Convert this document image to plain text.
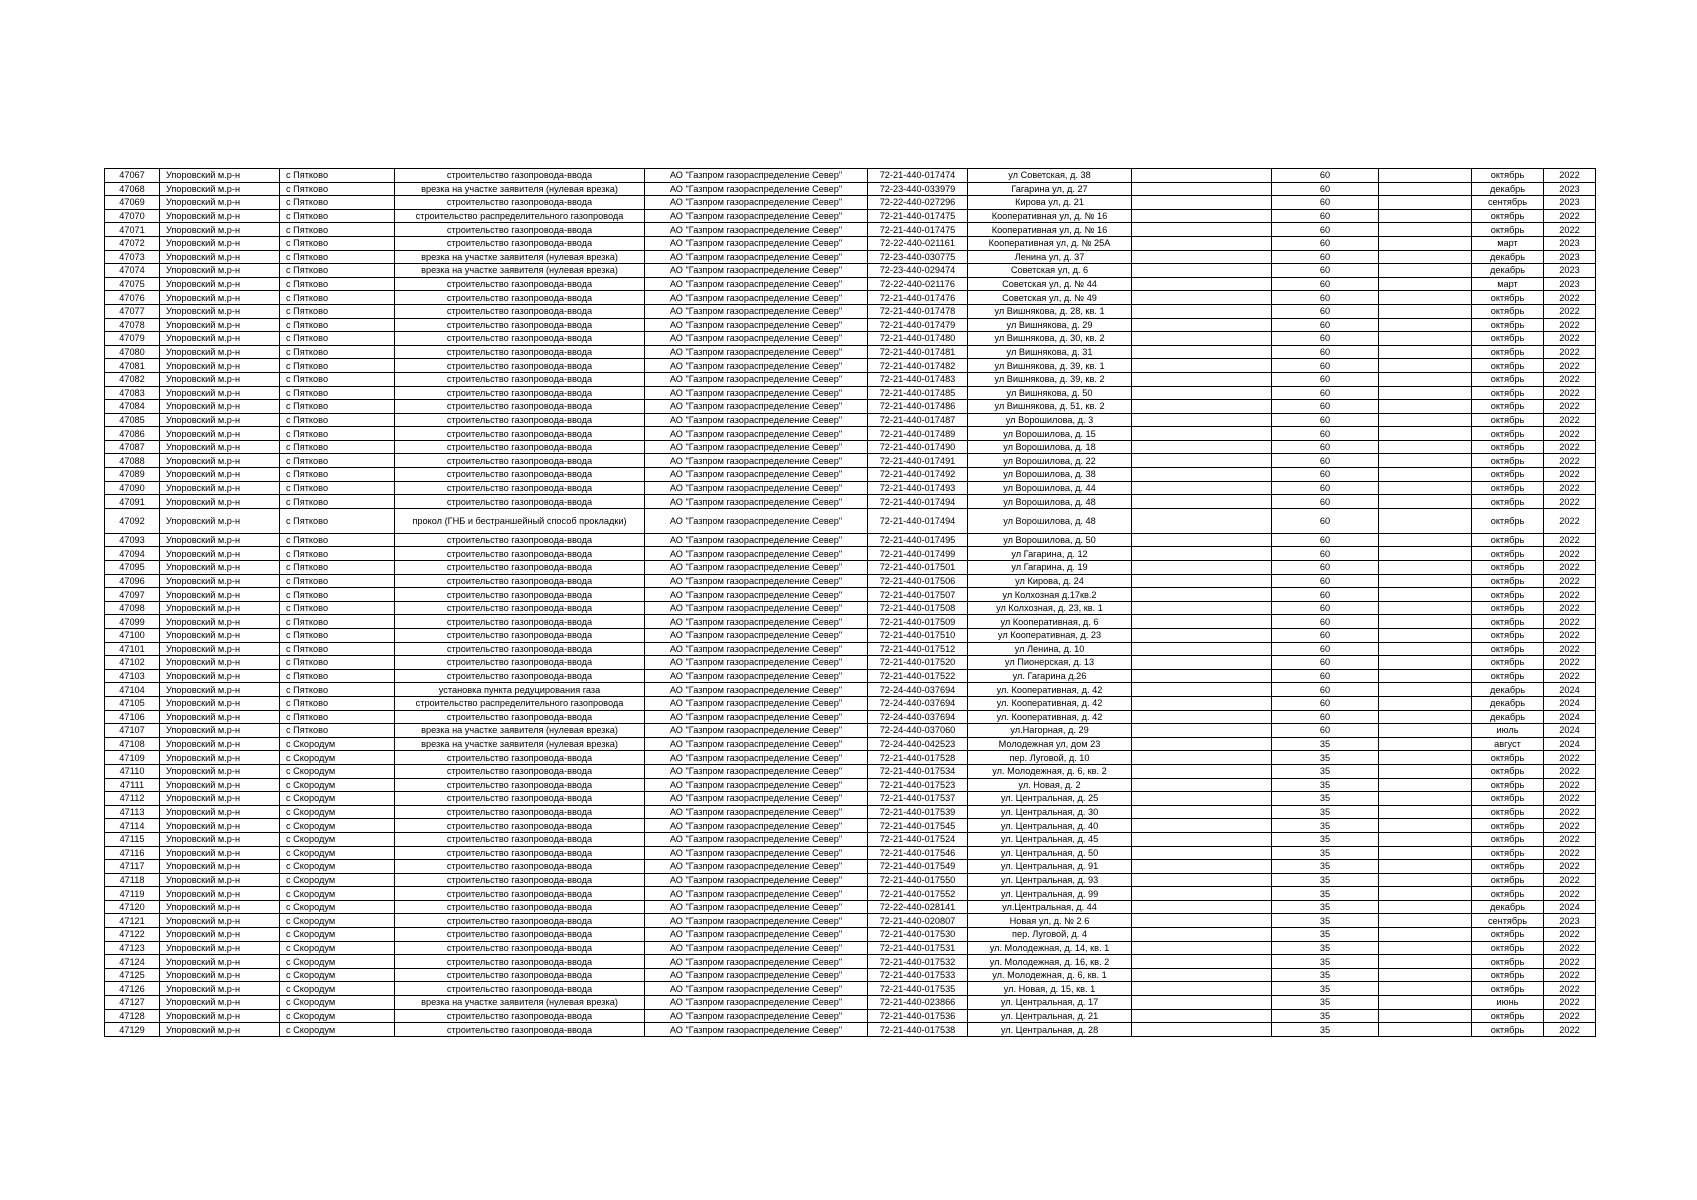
47067	Упоровский м.р-н	с Пятково	строительство газопровода-ввода	АО "Газпром газораспределение Север"	72-21-440-017474	ул Советская, д. 38		60		октябрь	2022
47068	Упоровский м.р-н	с Пятково	врезка на участке заявителя (нулевая врезка)	АО "Газпром газораспределение Север"	72-23-440-033979	Гагарина ул, д. 27		60		декабрь	2023
47069	Упоровский м.р-н	с Пятково	строительство газопровода-ввода	АО "Газпром газораспределение Север"	72-22-440-027296	Кирова ул, д. 21		60		сентябрь	2023
47070	Упоровский м.р-н	с Пятково	строительство распределительного газопровода	АО "Газпром газораспределение Север"	72-21-440-017475	Кооперативная ул, д. № 16		60		октябрь	2022
47071	Упоровский м.р-н	с Пятково	строительство газопровода-ввода	АО "Газпром газораспределение Север"	72-21-440-017475	Кооперативная ул, д. № 16		60		октябрь	2022
47072	Упоровский м.р-н	с Пятково	строительство газопровода-ввода	АО "Газпром газораспределение Север"	72-22-440-021161	Кооперативная ул, д. № 25А		60		март	2023
47073	Упоровский м.р-н	с Пятково	врезка на участке заявителя (нулевая врезка)	АО "Газпром газораспределение Север"	72-23-440-030775	Ленина ул, д. 37		60		декабрь	2023
47074	Упоровский м.р-н	с Пятково	врезка на участке заявителя (нулевая врезка)	АО "Газпром газораспределение Север"	72-23-440-029474	Советская ул, д. 6		60		декабрь	2023
47075	Упоровский м.р-н	с Пятково	строительство газопровода-ввода	АО "Газпром газораспределение Север"	72-22-440-021176	Советская ул, д. № 44		60		март	2023
47076	Упоровский м.р-н	с Пятково	строительство газопровода-ввода	АО "Газпром газораспределение Север"	72-21-440-017476	Советская ул, д. № 49		60		октябрь	2022
47077	Упоровский м.р-н	с Пятково	строительство газопровода-ввода	АО "Газпром газораспределение Север"	72-21-440-017478	ул Вишнякова, д. 28, кв. 1		60		октябрь	2022
47078	Упоровский м.р-н	с Пятково	строительство газопровода-ввода	АО "Газпром газораспределение Север"	72-21-440-017479	ул Вишнякова, д. 29		60		октябрь	2022
47079	Упоровский м.р-н	с Пятково	строительство газопровода-ввода	АО "Газпром газораспределение Север"	72-21-440-017480	ул Вишнякова, д. 30, кв. 2		60		октябрь	2022
47080	Упоровский м.р-н	с Пятково	строительство газопровода-ввода	АО "Газпром газораспределение Север"	72-21-440-017481	ул Вишнякова, д. 31		60		октябрь	2022
47081	Упоровский м.р-н	с Пятково	строительство газопровода-ввода	АО "Газпром газораспределение Север"	72-21-440-017482	ул Вишнякова, д. 39, кв. 1		60		октябрь	2022
47082	Упоровский м.р-н	с Пятково	строительство газопровода-ввода	АО "Газпром газораспределение Север"	72-21-440-017483	ул Вишнякова, д. 39, кв. 2		60		октябрь	2022
47083	Упоровский м.р-н	с Пятково	строительство газопровода-ввода	АО "Газпром газораспределение Север"	72-21-440-017485	ул Вишнякова, д. 50		60		октябрь	2022
47084	Упоровский м.р-н	с Пятково	строительство газопровода-ввода	АО "Газпром газораспределение Север"	72-21-440-017486	ул Вишнякова, д. 51, кв. 2		60		октябрь	2022
47085	Упоровский м.р-н	с Пятково	строительство газопровода-ввода	АО "Газпром газораспределение Север"	72-21-440-017487	ул Ворошилова, д. 3		60		октябрь	2022
47086	Упоровский м.р-н	с Пятково	строительство газопровода-ввода	АО "Газпром газораспределение Север"	72-21-440-017489	ул Ворошилова, д. 15		60		октябрь	2022
47087	Упоровский м.р-н	с Пятково	строительство газопровода-ввода	АО "Газпром газораспределение Север"	72-21-440-017490	ул Ворошилова, д. 18		60		октябрь	2022
47088	Упоровский м.р-н	с Пятково	строительство газопровода-ввода	АО "Газпром газораспределение Север"	72-21-440-017491	ул Ворошилова, д. 22		60		октябрь	2022
47089	Упоровский м.р-н	с Пятково	строительство газопровода-ввода	АО "Газпром газораспределение Север"	72-21-440-017492	ул Ворошилова, д. 38		60		октябрь	2022
47090	Упоровский м.р-н	с Пятково	строительство газопровода-ввода	АО "Газпром газораспределение Север"	72-21-440-017493	ул Ворошилова, д. 44		60		октябрь	2022
47091	Упоровский м.р-н	с Пятково	строительство газопровода-ввода	АО "Газпром газораспределение Север"	72-21-440-017494	ул Ворошилова, д. 48		60		октябрь	2022
47092	Упоровский м.р-н	с Пятково	прокол (ГНБ и бестраншейный способ прокладки)	АО "Газпром газораспределение Север"	72-21-440-017494	ул Ворошилова, д. 48		60		октябрь	2022
47093	Упоровский м.р-н	с Пятково	строительство газопровода-ввода	АО "Газпром газораспределение Север"	72-21-440-017495	ул Ворошилова, д. 50		60		октябрь	2022
47094	Упоровский м.р-н	с Пятково	строительство газопровода-ввода	АО "Газпром газораспределение Север"	72-21-440-017499	ул Гагарина, д. 12		60		октябрь	2022
47095	Упоровский м.р-н	с Пятково	строительство газопровода-ввода	АО "Газпром газораспределение Север"	72-21-440-017501	ул Гагарина, д. 19		60		октябрь	2022
47096	Упоровский м.р-н	с Пятково	строительство газопровода-ввода	АО "Газпром газораспределение Север"	72-21-440-017506	ул Кирова, д. 24		60		октябрь	2022
47097	Упоровский м.р-н	с Пятково	строительство газопровода-ввода	АО "Газпром газораспределение Север"	72-21-440-017507	ул Колхозная д.17кв.2		60		октябрь	2022
47098	Упоровский м.р-н	с Пятково	строительство газопровода-ввода	АО "Газпром газораспределение Север"	72-21-440-017508	ул Колхозная, д. 23, кв. 1		60		октябрь	2022
47099	Упоровский м.р-н	с Пятково	строительство газопровода-ввода	АО "Газпром газораспределение Север"	72-21-440-017509	ул Кооперативная, д. 6		60		октябрь	2022
47100	Упоровский м.р-н	с Пятково	строительство газопровода-ввода	АО "Газпром газораспределение Север"	72-21-440-017510	ул Кооперативная, д. 23		60		октябрь	2022
47101	Упоровский м.р-н	с Пятково	строительство газопровода-ввода	АО "Газпром газораспределение Север"	72-21-440-017512	ул Ленина, д. 10		60		октябрь	2022
47102	Упоровский м.р-н	с Пятково	строительство газопровода-ввода	АО "Газпром газораспределение Север"	72-21-440-017520	ул Пионерская, д. 13		60		октябрь	2022
47103	Упоровский м.р-н	с Пятково	строительство газопровода-ввода	АО "Газпром газораспределение Север"	72-21-440-017522	ул. Гагарина д.26		60		октябрь	2022
47104	Упоровский м.р-н	с Пятково	установка пункта редуцирования газа	АО "Газпром газораспределение Север"	72-24-440-037694	ул. Кооперативная, д. 42		60		декабрь	2024
47105	Упоровский м.р-н	с Пятково	строительство распределительного газопровода	АО "Газпром газораспределение Север"	72-24-440-037694	ул. Кооперативная, д. 42		60		декабрь	2024
47106	Упоровский м.р-н	с Пятково	строительство газопровода-ввода	АО "Газпром газораспределение Север"	72-24-440-037694	ул. Кооперативная, д. 42		60		декабрь	2024
47107	Упоровский м.р-н	с Пятково	врезка на участке заявителя (нулевая врезка)	АО "Газпром газораспределение Север"	72-24-440-037060	ул.Нагорная, д. 29		60		июль	2024
47108	Упоровский м.р-н	с Скородум	врезка на участке заявителя (нулевая врезка)	АО "Газпром газораспределение Север"	72-24-440-042523	Молодежная ул, дом 23		35		август	2024
47109	Упоровский м.р-н	с Скородум	строительство газопровода-ввода	АО "Газпром газораспределение Север"	72-21-440-017528	пер. Луговой, д. 10		35		октябрь	2022
47110	Упоровский м.р-н	с Скородум	строительство газопровода-ввода	АО "Газпром газораспределение Север"	72-21-440-017534	ул. Молодежная, д. 6, кв. 2		35		октябрь	2022
47111	Упоровский м.р-н	с Скородум	строительство газопровода-ввода	АО "Газпром газораспределение Север"	72-21-440-017523	ул. Новая, д. 2		35		октябрь	2022
47112	Упоровский м.р-н	с Скородум	строительство газопровода-ввода	АО "Газпром газораспределение Север"	72-21-440-017537	ул. Центральная, д. 25		35		октябрь	2022
47113	Упоровский м.р-н	с Скородум	строительство газопровода-ввода	АО "Газпром газораспределение Север"	72-21-440-017539	ул. Центральная, д. 30		35		октябрь	2022
47114	Упоровский м.р-н	с Скородум	строительство газопровода-ввода	АО "Газпром газораспределение Север"	72-21-440-017545	ул. Центральная, д. 40		35		октябрь	2022
47115	Упоровский м.р-н	с Скородум	строительство газопровода-ввода	АО "Газпром газораспределение Север"	72-21-440-017524	ул. Центральная, д. 45		35		октябрь	2022
47116	Упоровский м.р-н	с Скородум	строительство газопровода-ввода	АО "Газпром газораспределение Север"	72-21-440-017546	ул. Центральная, д. 50		35		октябрь	2022
47117	Упоровский м.р-н	с Скородум	строительство газопровода-ввода	АО "Газпром газораспределение Север"	72-21-440-017549	ул. Центральная, д. 91		35		октябрь	2022
47118	Упоровский м.р-н	с Скородум	строительство газопровода-ввода	АО "Газпром газораспределение Север"	72-21-440-017550	ул. Центральная, д. 93		35		октябрь	2022
47119	Упоровский м.р-н	с Скородум	строительство газопровода-ввода	АО "Газпром газораспределение Север"	72-21-440-017552	ул. Центральная, д. 99		35		октябрь	2022
47120	Упоровский м.р-н	с Скородум	строительство газопровода-ввода	АО "Газпром газораспределение Север"	72-22-440-028141	ул.Центральная, д. 44		35		декабрь	2024
47121	Упоровский м.р-н	с Скородум	строительство газопровода-ввода	АО "Газпром газораспределение Север"	72-21-440-020807	Новая ул, д. № 2 6		35		сентябрь	2023
47122	Упоровский м.р-н	с Скородум	строительство газопровода-ввода	АО "Газпром газораспределение Север"	72-21-440-017530	пер. Луговой, д. 4		35		октябрь	2022
47123	Упоровский м.р-н	с Скородум	строительство газопровода-ввода	АО "Газпром газораспределение Север"	72-21-440-017531	ул. Молодежная, д. 14, кв. 1		35		октябрь	2022
47124	Упоровский м.р-н	с Скородум	строительство газопровода-ввода	АО "Газпром газораспределение Север"	72-21-440-017532	ул. Молодежная, д. 16, кв. 2		35		октябрь	2022
47125	Упоровский м.р-н	с Скородум	строительство газопровода-ввода	АО "Газпром газораспределение Север"	72-21-440-017533	ул. Молодежная, д. 6, кв. 1		35		октябрь	2022
47126	Упоровский м.р-н	с Скородум	строительство газопровода-ввода	АО "Газпром газораспределение Север"	72-21-440-017535	ул. Новая, д. 15, кв. 1		35		октябрь	2022
47127	Упоровский м.р-н	с Скородум	врезка на участке заявителя (нулевая врезка)	АО "Газпром газораспределение Север"	72-21-440-023866	ул. Центральная, д. 17		35		июнь	2022
47128	Упоровский м.р-н	с Скородум	строительство газопровода-ввода	АО "Газпром газораспределение Север"	72-21-440-017536	ул. Центральная, д. 21		35		октябрь	2022
47129	Упоровский м.р-н	с Скородум	строительство газопровода-ввода	АО "Газпром газораспределение Север"	72-21-440-017538	ул. Центральная, д. 28		35		октябрь	2022
